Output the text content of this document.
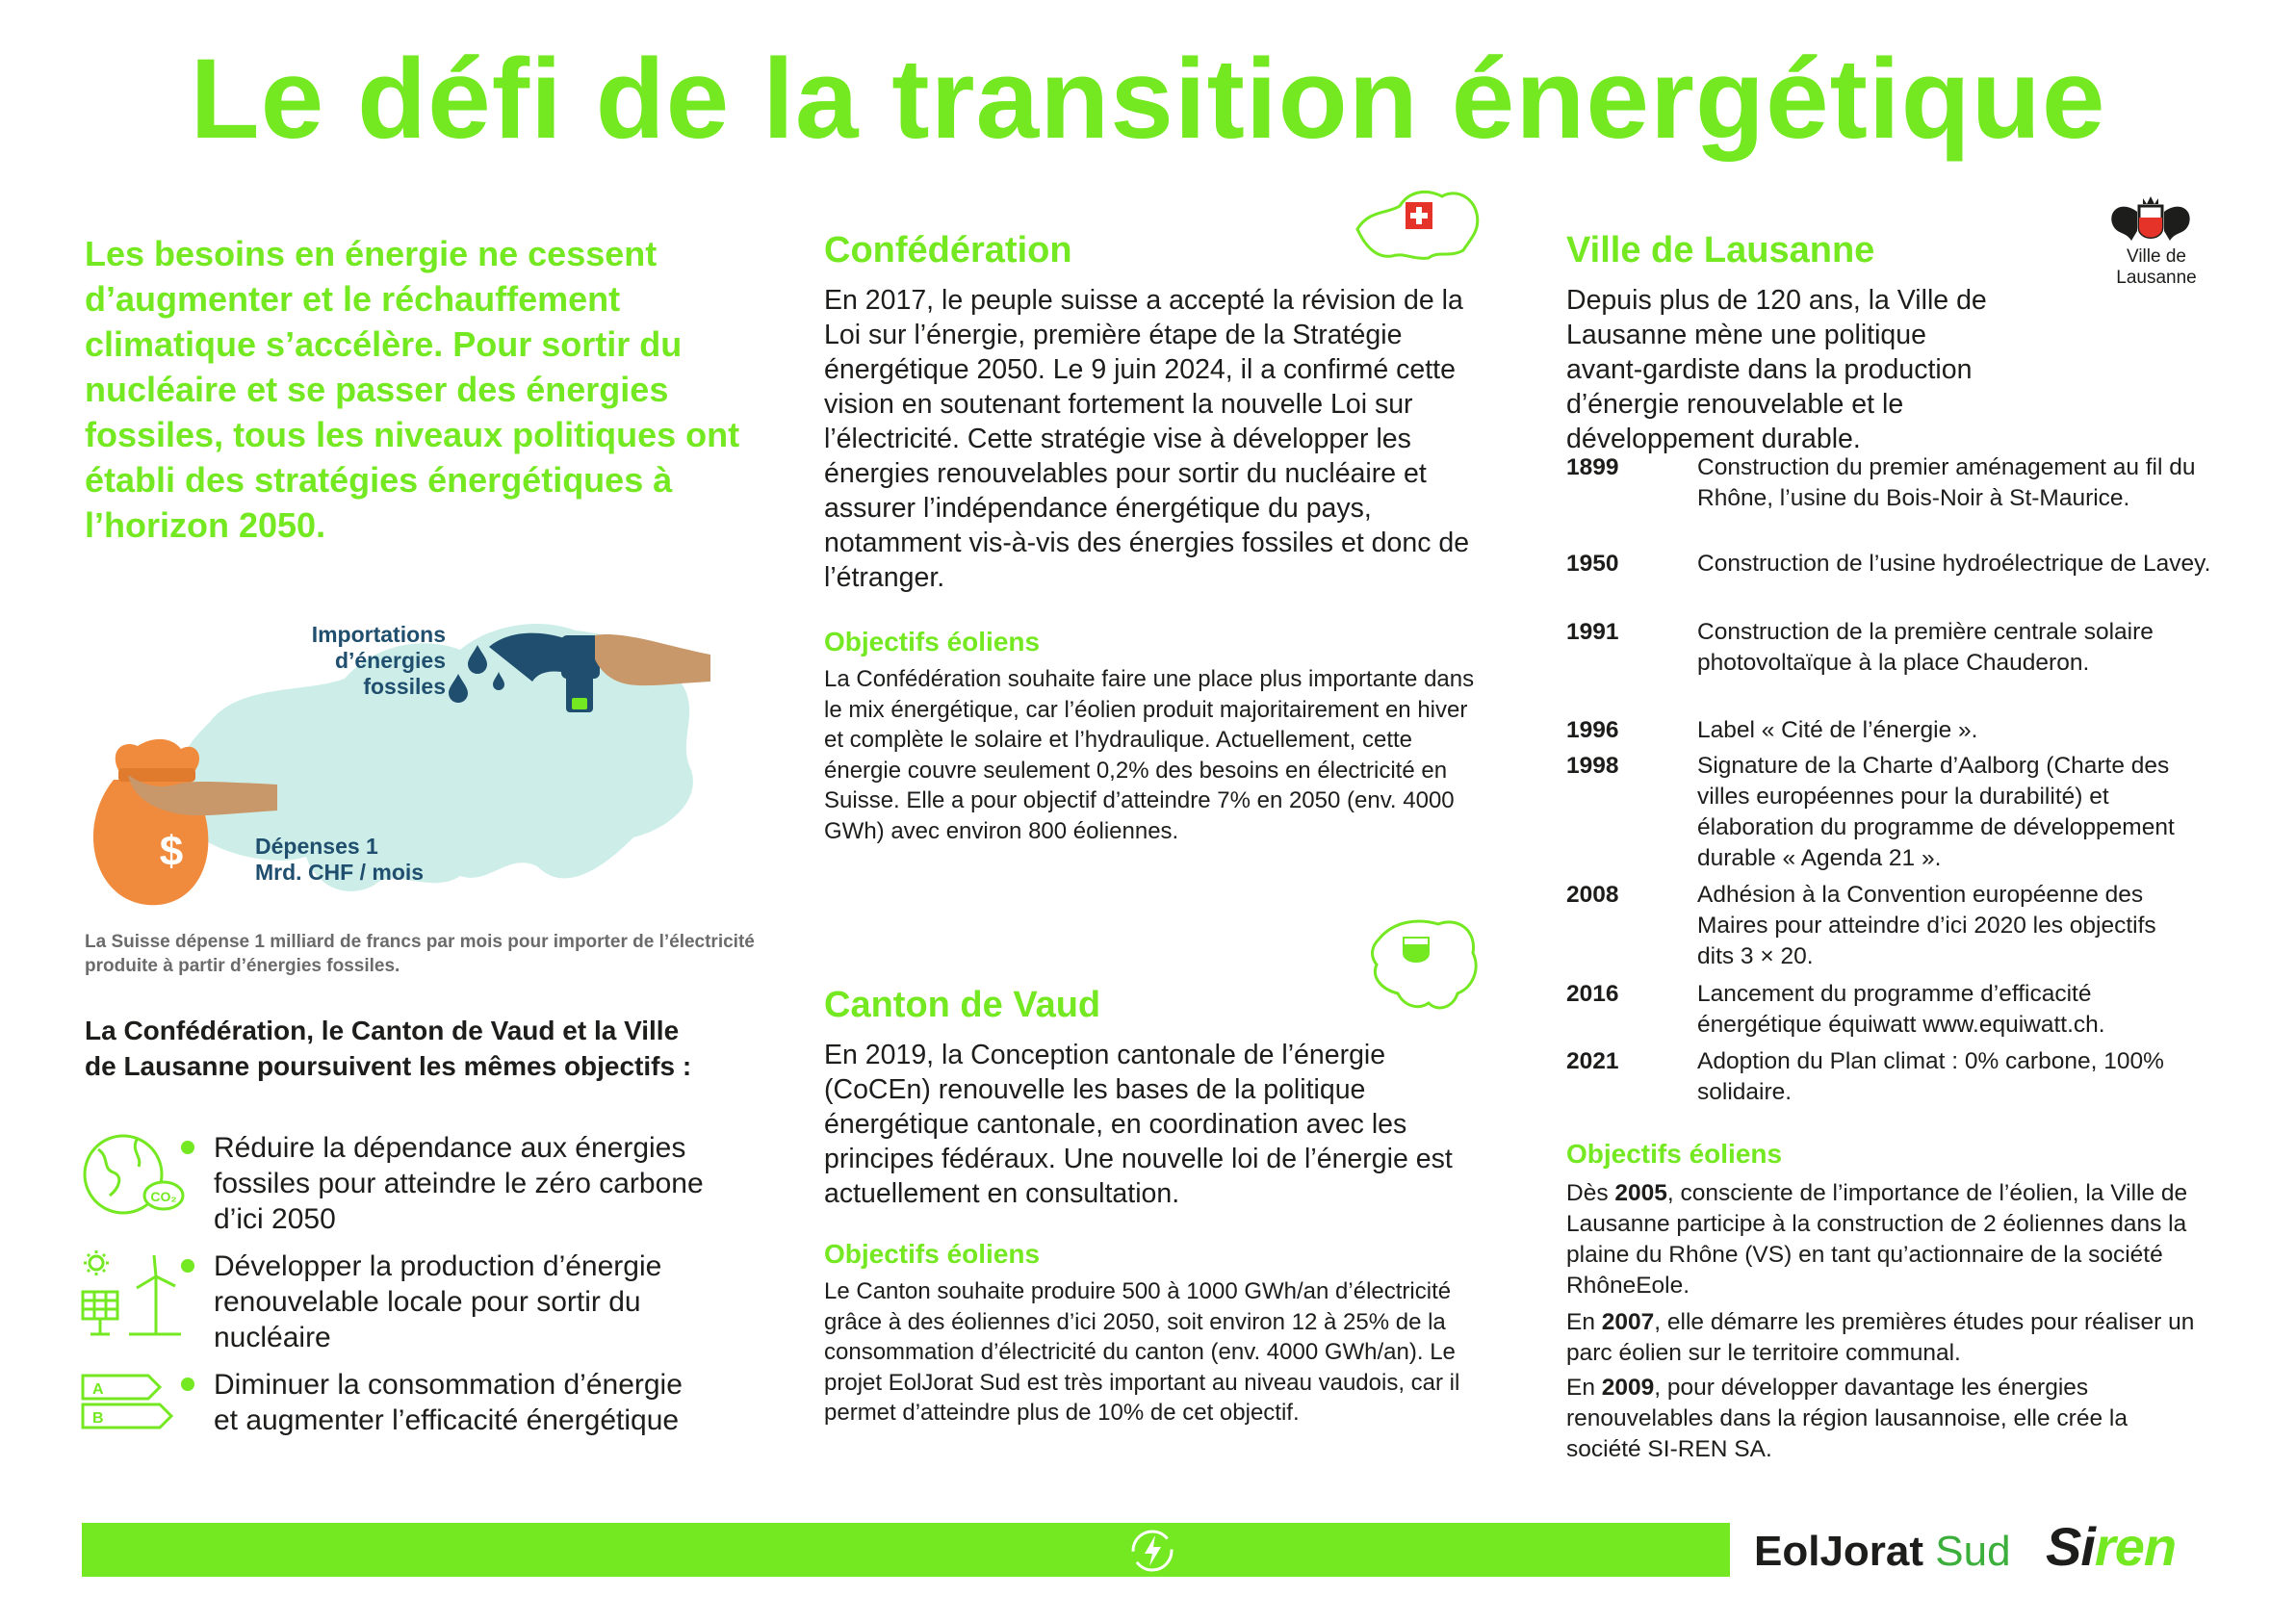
Le défi de la transition énergétique

Les besoins en énergie ne cessent d’augmenter et le réchauffement climatique s’accélère. Pour sortir du nucléaire et se passer des énergies fossiles, tous les niveaux politiques ont établi des stratégies énergétiques à l’horizon 2050.

$
Importations d’énergies fossiles
Dépenses 1 Mrd. CHF / mois

La Suisse dépense 1 milliard de francs par mois pour importer de l’électricité produite à partir d’énergies fossiles.

La Confédération, le Canton de Vaud et la Ville de Lausanne poursuivent les mêmes objectifs :

CO₂
A
B
Réduire la dépendance aux énergies fossiles pour atteindre le zéro carbone d’ici 2050
Développer la production d’énergie renouvelable locale pour sortir du nucléaire
Diminuer la consommation d’énergie et augmenter l’efficacité énergétique
Confédération

En 2017, le peuple suisse a accepté la révision de la Loi sur l’énergie, première étape de la Stratégie énergétique 2050. Le 9 juin 2024, il a confirmé cette vision en soutenant fortement la nouvelle Loi sur l’électricité. Cette stratégie vise à développer les énergies renouvelables pour sortir du nucléaire et assurer l’indépendance énergétique du pays, notamment vis-à-vis des énergies fossiles et donc de l’étranger.

Objectifs éoliens

La Confédération souhaite faire une place plus importante dans le mix énergétique, car l’éolien produit majoritairement en hiver et complète le solaire et l’hydraulique. Actuellement, cette énergie couvre seulement 0,2% des besoins en électricité en Suisse. Elle a pour objectif d’atteindre 7% en 2050 (env. 4000 GWh) avec environ 800 éoliennes.

Canton de Vaud

En 2019, la Conception cantonale de l’énergie (CoCEn) renouvelle les bases de la politique énergétique cantonale, en coordination avec les principes fédéraux. Une nouvelle loi de l’énergie est actuellement en consultation.

Objectifs éoliens

Le Canton souhaite produire 500 à 1000 GWh/an d’électricité grâce à des éoliennes d’ici 2050, soit environ 12 à 25% de la consommation d’électricité du canton (env. 4000 GWh/an). Le projet EolJorat Sud est très important au niveau vaudois, car il permet d’atteindre plus de 10% de cet objectif.

Ville de Lausanne	Ville de Lausanne

Depuis plus de 120 ans, la Ville de Lausanne mène une politique avant-gardiste dans la production d’énergie renouvelable et le développement durable.

1899	Construction du premier aménagement au fil du Rhône, l’usine du Bois-Noir à St-Maurice.
1950	Construction de l’usine hydroélectrique de Lavey.
1991	Construction de la première centrale solaire photovoltaïque à la place Chauderon.
1996	Label « Cité de l’énergie ».
1998	Signature de la Charte d’Aalborg (Charte des villes européennes pour la durabilité) et élaboration du programme de développement durable « Agenda 21 ».
2008	Adhésion à la Convention européenne des Maires pour atteindre d’ici 2020 les objectifs dits 3 × 20.
2016	Lancement du programme d’efficacité énergétique équiwatt www.equiwatt.ch.
2021	Adoption du Plan climat : 0% carbone, 100% solidaire.
Objectifs éoliens

Dès 2005, consciente de l’importance de l’éolien, la Ville de Lausanne participe à la construction de 2 éoliennes dans la plaine du Rhône (VS) en tant qu’actionnaire de la société RhôneEole.

En 2007, elle démarre les premières études pour réaliser un parc éolien sur le territoire communal.

En 2009, pour développer davantage les énergies renouvelables dans la région lausannoise, elle crée la société SI-REN SA.

EolJorat Sud Siren
